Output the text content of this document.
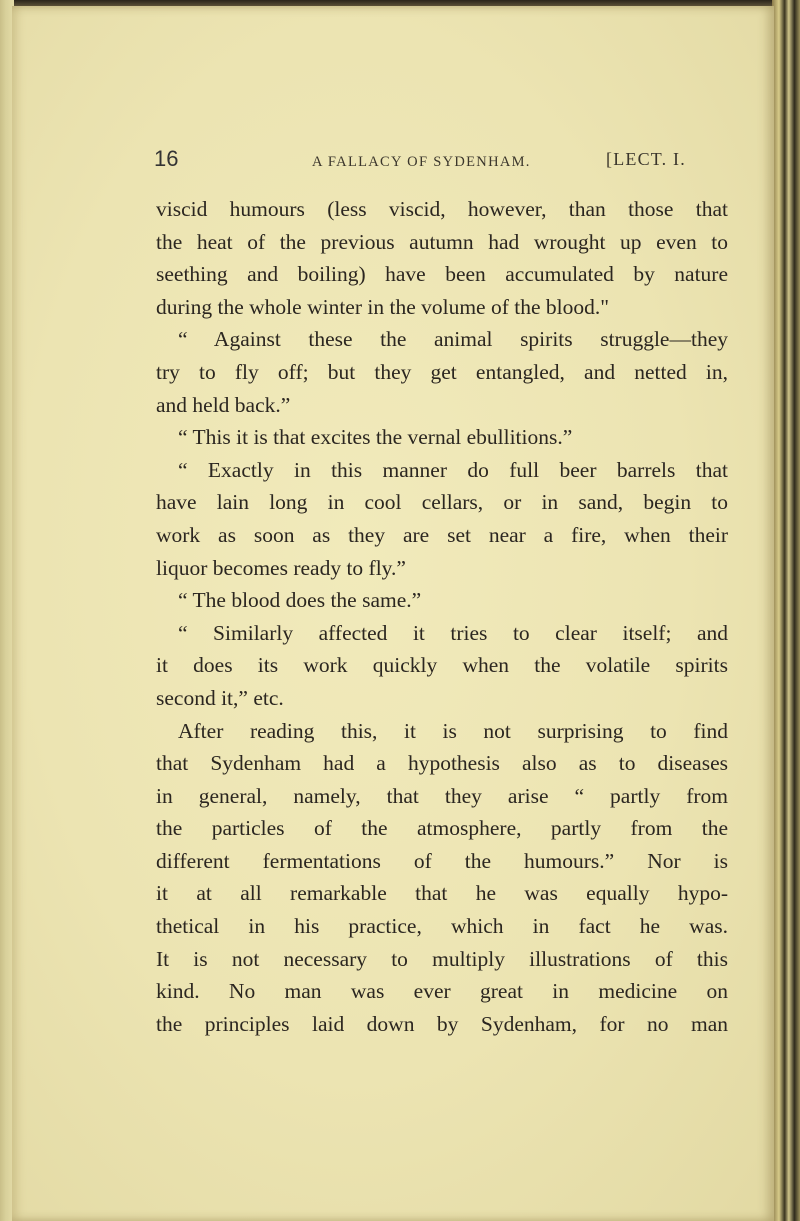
16	A FALLACY OF SYDENHAM.	[LECT. I.
viscid humours (less viscid, however, than those that
the heat of the previous autumn had wrought up even to
seething and boiling) have been accumulated by nature
during the whole winter in the volume of the blood."
“ Against these the animal spirits struggle—they
try to fly off; but they get entangled, and netted in,
and held back.”
“ This it is that excites the vernal ebullitions.”
“ Exactly in this manner do full beer barrels that
have lain long in cool cellars, or in sand, begin to
work as soon as they are set near a fire, when their
liquor becomes ready to fly.”
“ The blood does the same.”
“ Similarly affected it tries to clear itself; and
it does its work quickly when the volatile spirits
second it,” etc.
After reading this, it is not surprising to find
that Sydenham had a hypothesis also as to diseases
in general, namely, that they arise “ partly from
the particles of the atmosphere, partly from the
different fermentations of the humours.” Nor is
it at all remarkable that he was equally hypo-
thetical in his practice, which in fact he was.
It is not necessary to multiply illustrations of this
kind. No man was ever great in medicine on
the principles laid down by Sydenham, for no man
